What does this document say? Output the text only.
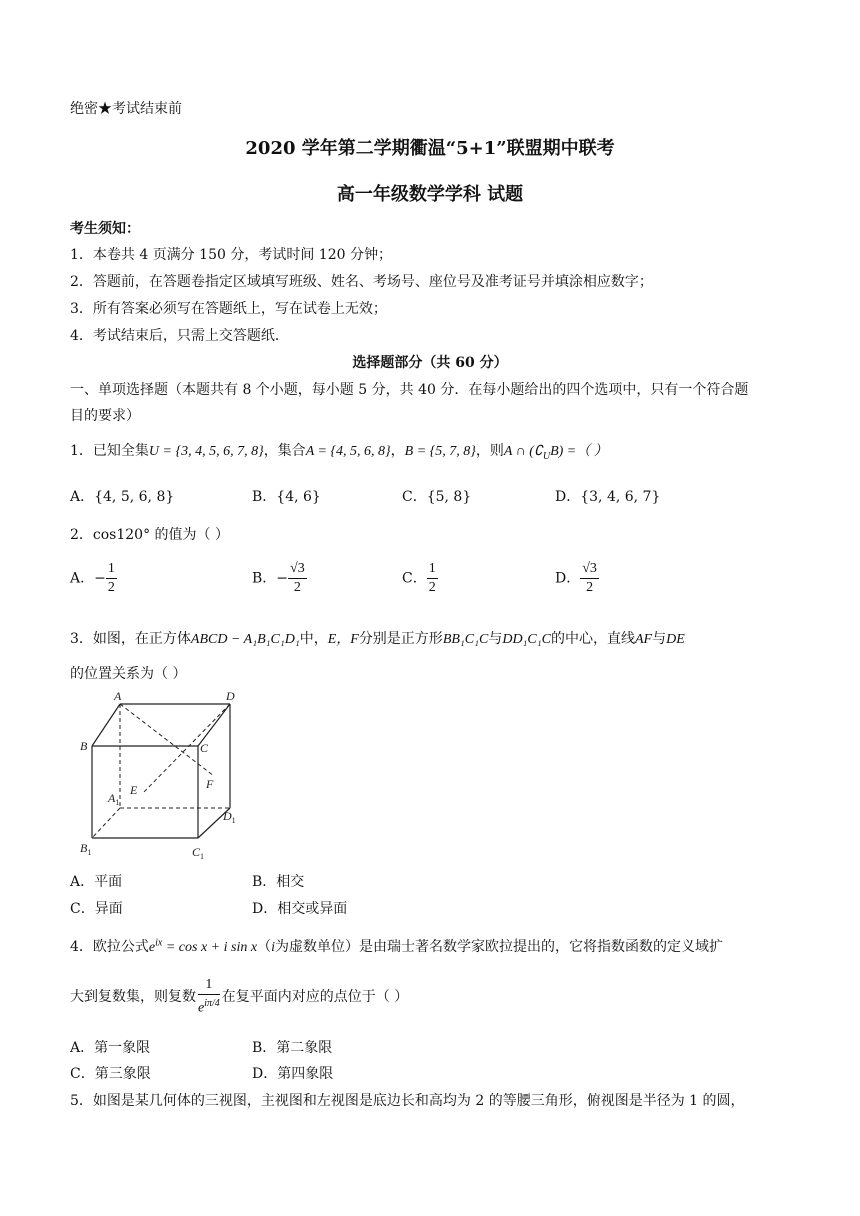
绝密★考试结束前
2020 学年第二学期衢温“5+1”联盟期中联考
高一年级数学学科 试题
考生须知：
1．本卷共 4 页满分 150 分，考试时间 120 分钟；
2．答题前，在答题卷指定区域填写班级、姓名、考场号、座位号及准考证号并填涂相应数字；
3．所有答案必须写在答题纸上，写在试卷上无效；
4．考试结束后，只需上交答题纸．
选择题部分（共 60 分）
一、单项选择题（本题共有 8 个小题，每小题 5 分，共 40 分．在每小题给出的四个选项中，只有一个符合题
目的要求）
1．已知全集U = {3, 4, 5, 6, 7, 8}，集合A = {4, 5, 6, 8}，B = {5, 7, 8}，则A ∩ $(∁_UB)$ =（ ）
A．{4, 5, 6, 8}	B．{4, 6}	C．{5, 8}	D．{3, 4, 6, 7}
2．cos120° 的值为（ ）
A．− $\frac{1}{2}$	B．− $\frac{√3}{2}$	C． $\frac{1}{2}$	D． $\frac{√3}{2}$
3．如图，在正方体ABCD − A₁B₁C₁D₁中，E，F分别是正方形BB₁C₁C与DD₁C₁C的中心，直线AF与DE
的位置关系为（ ）
A	D
B	C
E	F
$A_1$
$D_1$
$B_1$	$C_1$
A．平面	B．相交
C．异面	D．相交或异面
4．欧拉公式$e^{ix} = \cos x + i$ sin x（i为虚数单位）是由瑞士著名数学家欧拉提出的，它将指数函数的定义域扩
大到复数集，则复数 $\frac{1}{e^{i\pi/4}}$ 在复平面内对应的点位于（ ）
A．第一象限	B．第二象限
C．第三象限	D．第四象限
5．如图是某几何体的三视图，主视图和左视图是底边长和高均为 2 的等腰三角形，俯视图是半径为 1 的圆，
